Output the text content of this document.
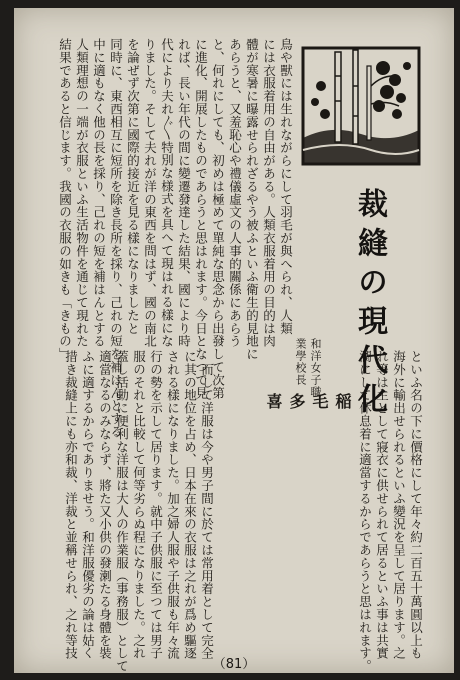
裁縫の現代化
和洋女子職
業學校長
稲
毛
多
喜
鳥や獸には生れながらにして羽毛が與へられ、人類
には衣服着用の自由がある。人類衣服着用の目的は肉
體が寒暑に曝露せられざるやう被ふといふ衛生的見地に
あらうと、又羞恥心や禮儀虛文の人事的關係にあらう
と、何れにしても、初めは極めて單純な思念から出發して次第
に進化、開展したものであらうと思はれます。今日となつて見
れば、長い年代の間に變遷發達した結果、國により時
代により夫れ〴〵特別な様式を具へて現はれる樣にな
りました。そして夫れが洋の東西を問はず、國の南北
を論ぜず次第に國際的接近を見る樣になりましたと
同時に、東西相互に短所を除き長所を採り、己れの短を補はんとする
中に適もなく他の長を採り、己れの短を補はんとする
人類理想の一端が衣服といふ生活物件を通じて現れた
結果であると信じます。我國の衣服の如きも「きもの」
といふ名の下に價格にして年々約二百五十萬圓以上も
海外に輸出せられるといふ變況を呈して居ります。之
れ等は主として寢衣に供せられて居るといふ事は共實
潤にして休息着に適當するからであらうと思はれます。
　而して洋服は今や男子間に於ては常用着として完全
に其の地位を占め、日本在來の衣服は之れが爲め驅逐
される樣になりました。加之婦人服や子供服も年々流
行の勢を示して居ります。就中子供服に至つては男子
服のそれと比較して何等劣らぬ程になりました。之れ
蓋し活動に便利な洋服は大人の作業服（事務服）として
適當なるのみならず、將た又小供の發溂たる身體を裝
ふに適するからでありませう。和洋服優劣の論は姑く
措き裁縫上にも亦和裁、洋裁と並稱せられ、之れ等技
（81）
